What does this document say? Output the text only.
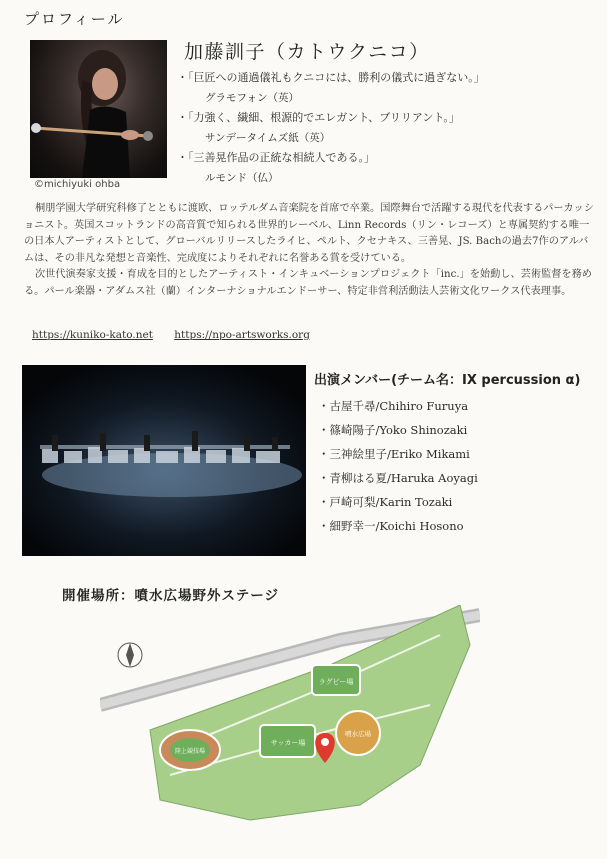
プロフィール
©michiyuki ohba
加藤訓子（カトウクニコ）
・「巨匠への通過儀礼もクニコには、勝利の儀式に過ぎない。」
グラモフォン（英）
・「力強く、繊細、根源的でエレガント、ブリリアント。」
サンデータイムズ紙（英）
・「三善晃作品の正統な相続人である。」
ルモンド（仏）

桐朋学園大学研究科修了とともに渡欧、ロッテルダム音楽院を首席で卒業。国際舞台で活躍する現代を代表するパーカッショニスト。英国スコットランドの高音質で知られる世界的レーベル、Linn Records（リン・レコーズ）と専属契約する唯一の日本人アーティストとして、グローバルリリースしたライヒ、ペルト、クセナキス、三善晃、JS. Bachの過去7作のアルバムは、その非凡な発想と音楽性、完成度によりそれぞれに名誉ある賞を受けている。

次世代演奏家支援・育成を目的としたアーティスト・インキュベーションプロジェクト「inc.」を始動し、芸術監督を務める。パール楽器・アダムス社（蘭）インターナショナルエンドーサー、特定非営利活動法人芸術文化ワークス代表理事。

https://kuniko-kato.net https://npo-artsworks.org
出演メンバー(チーム名：IX percussion α)
・古屋千尋/Chihiro Furuya
・篠崎陽子/Yoko Shinozaki
・三神絵里子/Eriko Mikami
・青柳はる夏/Haruka Aoyagi
・戸崎可梨/Karin Tozaki
・細野幸一/Koichi Hosono
開催場所：噴水広場野外ステージ
ラグビー場
サッカー場
陸上競技場
噴水広場
